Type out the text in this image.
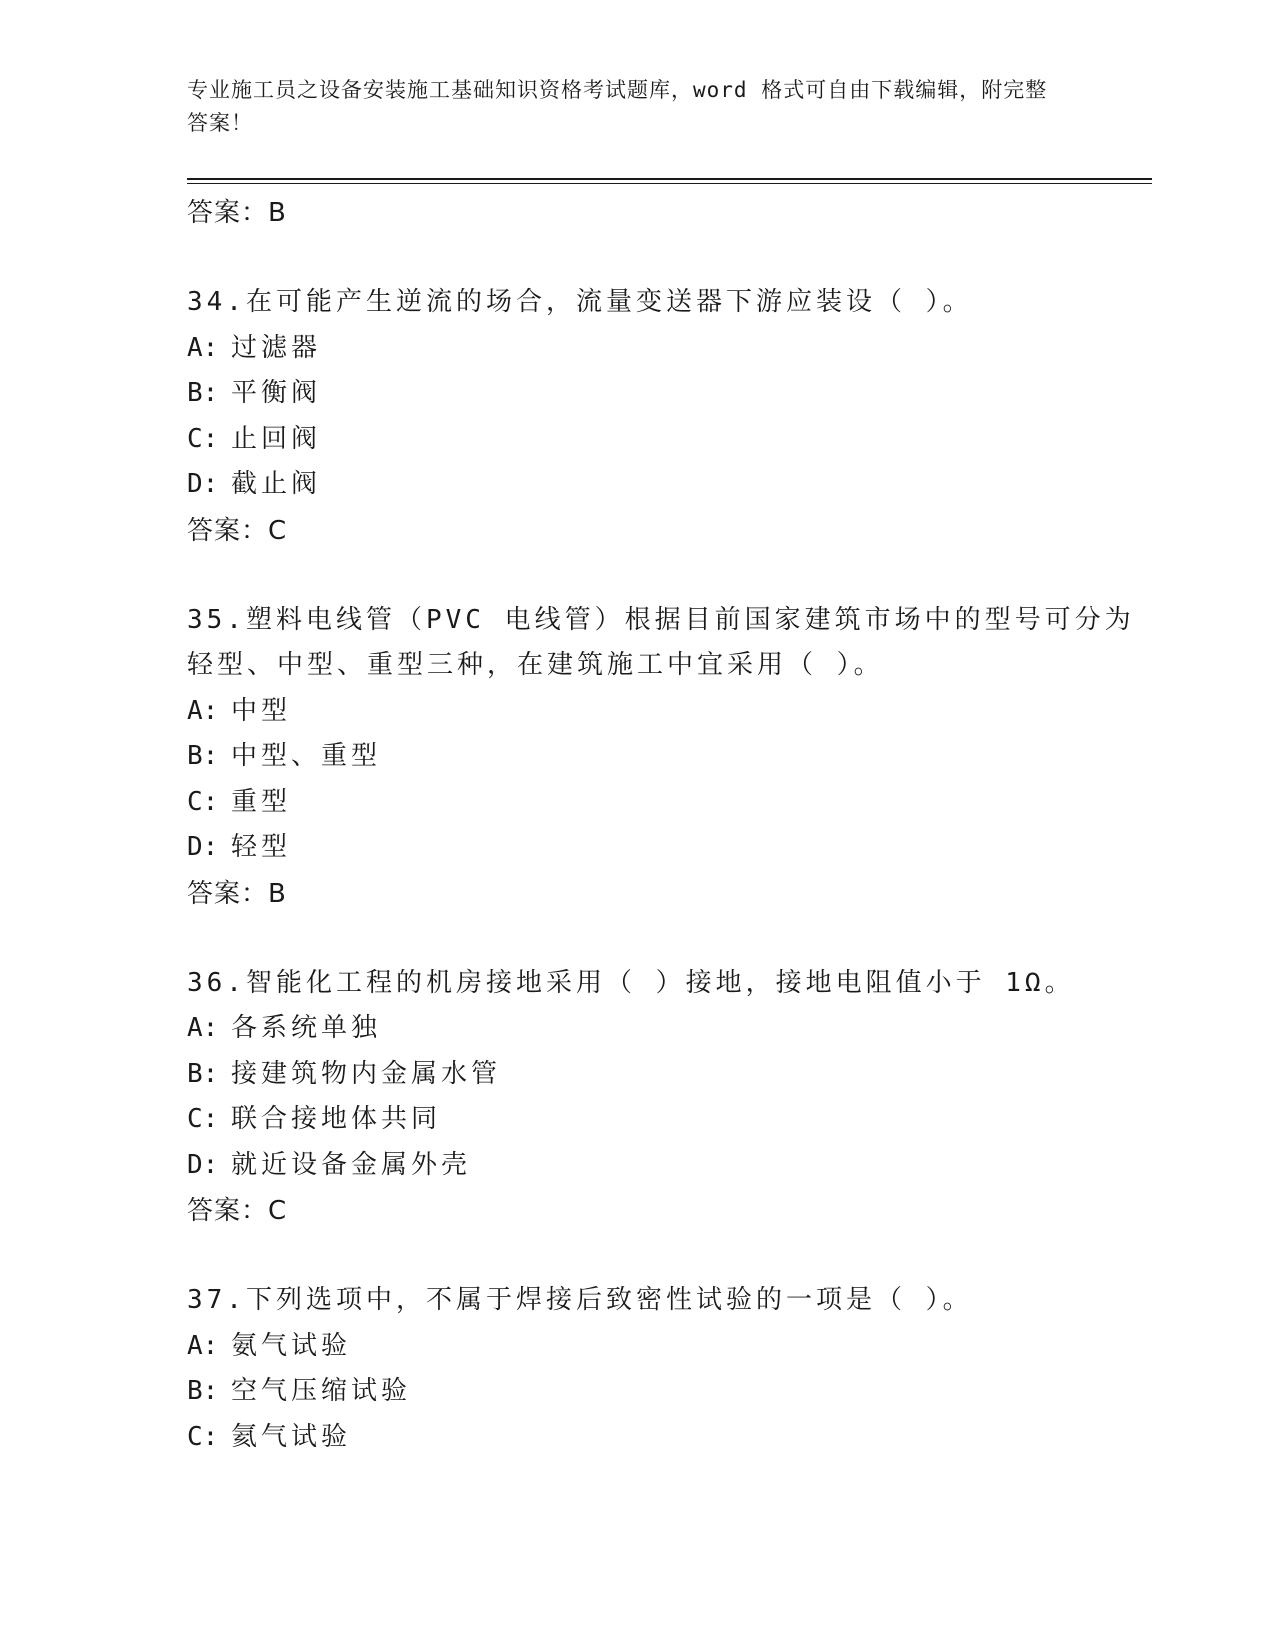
专业施工员之设备安装施工基础知识资格考试题库，word 格式可自由下载编辑，附完整答案！
答案：B
34.在可能产生逆流的场合，流量变送器下游应装设（ ）。
A: 过滤器
B: 平衡阀
C: 止回阀
D: 截止阀
答案：C
35.塑料电线管（PVC 电线管）根据目前国家建筑市场中的型号可分为
轻型、中型、重型三种，在建筑施工中宜采用（ ）。
A: 中型
B: 中型、重型
C: 重型
D: 轻型
答案：B
36.智能化工程的机房接地采用（ ）接地，接地电阻值小于 1Ω。
A: 各系统单独
B: 接建筑物内金属水管
C: 联合接地体共同
D: 就近设备金属外壳
答案：C
37.下列选项中，不属于焊接后致密性试验的一项是（ ）。
A: 氨气试验
B: 空气压缩试验
C: 氦气试验
